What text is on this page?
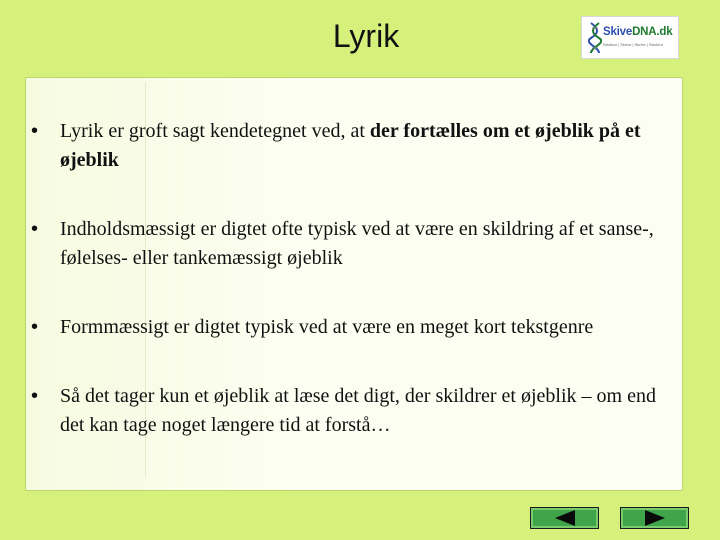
Lyrik	SkiveDNA.dk
Struktur | Skrive | Skrive | Struktur
• Lyrik er groft sagt kendetegnet ved, at der fortælles om et øjeblik på et øjeblik
• Indholdsmæssigt er digtet ofte typisk ved at være en skildring af et sanse-, følelses- eller tankemæssigt øjeblik
• Formmæssigt er digtet typisk ved at være en meget kort tekstgenre
• Så det tager kun et øjeblik at læse det digt, der skildrer et øjeblik – om end det kan tage noget længere tid at forstå…
